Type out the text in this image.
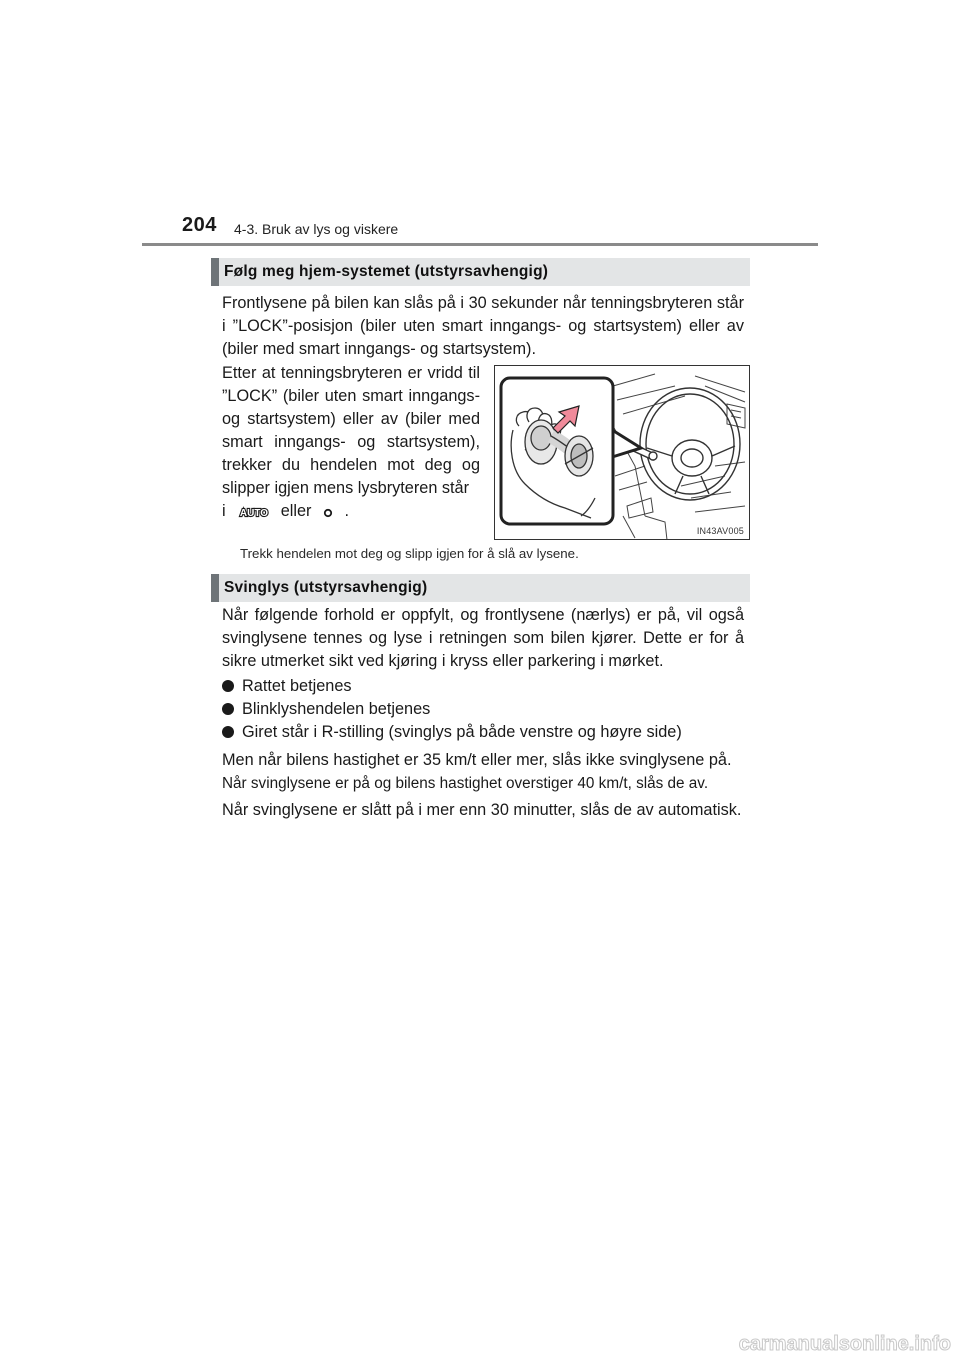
204 4-3. Bruk av lys og viskere
Følg meg hjem-systemet (utstyrsavhengig)

Frontlysene på bilen kan slås på i 30 sekunder når tenningsbryteren står i ”LOCK”-posisjon (biler uten smart inngangs- og startsystem) eller av (biler med smart inngangs- og startsystem).

Etter at tenningsbryteren er vridd til ”LOCK” (biler uten smart inngangs- og startsystem) eller av (biler med smart inngangs- og startsystem), trekker du hendelen mot deg og slipper igjen mens lysbryteren står
i AUTO eller .
IN43AV005
Trekk hendelen mot deg og slipp igjen for å slå av lysene.
Svinglys (utstyrsavhengig)

Når følgende forhold er oppfylt, og frontlysene (nærlys) er på, vil også svinglysene tennes og lyse i retningen som bilen kjører. Dette er for å sikre utmerket sikt ved kjøring i kryss eller parkering i mørket.

Rattet betjenes
Blinklyshendelen betjenes
Giret står i R-stilling (svinglys på både venstre og høyre side)

Men når bilens hastighet er 35 km/t eller mer, slås ikke svinglysene på.

Når svinglysene er på og bilens hastighet overstiger 40 km/t, slås de av.

Når svinglysene er slått på i mer enn 30 minutter, slås de av automatisk.

carmanualsonline.info
